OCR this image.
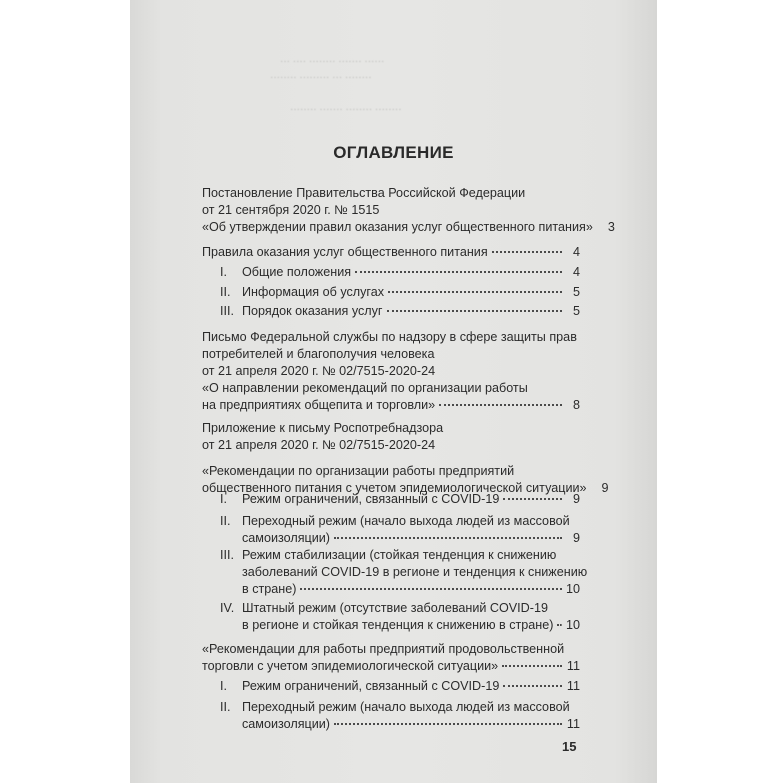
··· ···· ········ ······· ······
········ ········· ··· ········
········ ······· ········ ········
ОГЛАВЛЕНИЕ
Постановление Правительства Российской Федерации
от 21 сентября 2020 г. № 1515
«Об утверждении правил оказания услуг общественного питания»	3
Правила оказания услуг общественного питания	4
I. Общие положения	4
II. Информация об услугах	5
III. Порядок оказания услуг	5
Письмо Федеральной службы по надзору в сфере защиты прав
потребителей и благополучия человека
от 21 апреля 2020 г. № 02/7515-2020-24
«О направлении рекомендаций по организации работы
на предприятиях общепита и торговли»	8
Приложение к письму Роспотребнадзора
от 21 апреля 2020 г. № 02/7515-2020-24
«Рекомендации по организации работы предприятий
общественного питания с учетом эпидемиологической ситуации»	9
I. Режим ограничений, связанный с COVID-19	9
II. Переходный режим (начало выхода людей из массовой
самоизоляции)	9
III. Режим стабилизации (стойкая тенденция к снижению
заболеваний COVID-19 в регионе и тенденция к снижению
в стране)	10
IV. Штатный режим (отсутствие заболеваний COVID-19
в регионе и стойкая тенденция к снижению в стране) 10
«Рекомендации для работы предприятий продовольственной
торговли с учетом эпидемиологической ситуации»	11
I. Режим ограничений, связанный с COVID-19	11
II. Переходный режим (начало выхода людей из массовой
самоизоляции)	11
15
